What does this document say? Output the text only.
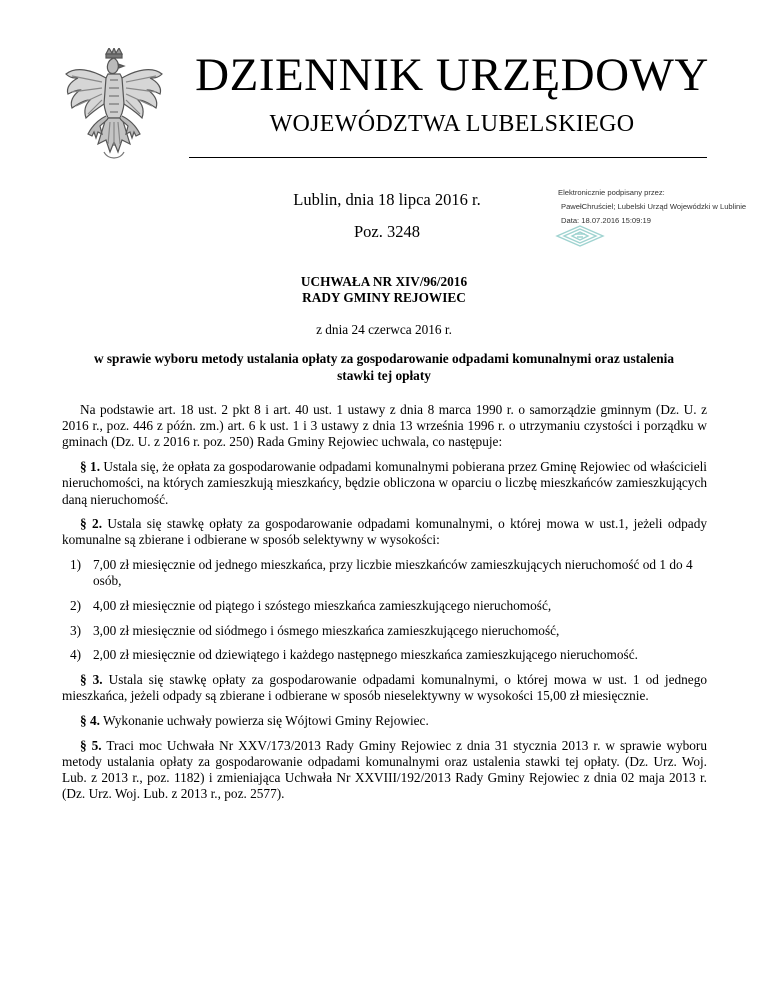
DZIENNIK URZĘDOWY
WOJEWÓDZTWA LUBELSKIEGO
Lublin, dnia 18 lipca 2016 r.
Poz. 3248
Elektronicznie podpisany przez:
PawełChruściel; Lubelski Urząd Wojewódzki w Lublinie
Data: 18.07.2016 15:09:19
UCHWAŁA NR XIV/96/2016
RADY GMINY REJOWIEC
z dnia 24 czerwca 2016 r.
w sprawie wyboru metody ustalania opłaty za gospodarowanie odpadami komunalnymi oraz ustalenia stawki tej opłaty

Na podstawie art. 18 ust. 2 pkt 8 i art. 40 ust. 1 ustawy z dnia 8 marca 1990 r. o samorządzie gminnym (Dz. U. z 2016 r., poz. 446 z późn. zm.) art. 6 k ust. 1 i 3 ustawy z dnia 13 września 1996 r. o utrzymaniu czystości i porządku w gminach (Dz. U. z 2016 r. poz. 250) Rada Gminy Rejowiec uchwala, co następuje:

§ 1. Ustala się, że opłata za gospodarowanie odpadami komunalnymi pobierana przez Gminę Rejowiec od właścicieli nieruchomości, na których zamieszkują mieszkańcy, będzie obliczona w oparciu o liczbę mieszkańców zamieszkujących daną nieruchomość.

§ 2. Ustala się stawkę opłaty za gospodarowanie odpadami komunalnymi, o której mowa w ust.1, jeżeli odpady komunalne są zbierane i odbierane w sposób selektywny w wysokości:

1) 7,00 zł miesięcznie od jednego mieszkańca, przy liczbie mieszkańców zamieszkujących nieruchomość od 1 do 4 osób,
2) 4,00 zł miesięcznie od piątego i szóstego mieszkańca zamieszkującego nieruchomość,
3) 3,00 zł miesięcznie od siódmego i ósmego mieszkańca zamieszkującego nieruchomość,
4) 2,00 zł miesięcznie od dziewiątego i każdego następnego mieszkańca zamieszkującego nieruchomość.

§ 3. Ustala się stawkę opłaty za gospodarowanie odpadami komunalnymi, o której mowa w ust. 1 od jednego mieszkańca, jeżeli odpady są zbierane i odbierane w sposób nieselektywny w wysokości 15,00 zł miesięcznie.

§ 4. Wykonanie uchwały powierza się Wójtowi Gminy Rejowiec.

§ 5. Traci moc Uchwała Nr XXV/173/2013 Rady Gminy Rejowiec z dnia 31 stycznia 2013 r. w sprawie wyboru metody ustalania opłaty za gospodarowanie odpadami komunalnymi oraz ustalenia stawki tej opłaty. (Dz. Urz. Woj. Lub. z 2013 r., poz. 1182) i zmieniająca Uchwała Nr XXVIII/192/2013 Rady Gminy Rejowiec z dnia 02 maja 2013 r. (Dz. Urz. Woj. Lub. z 2013 r., poz. 2577).
